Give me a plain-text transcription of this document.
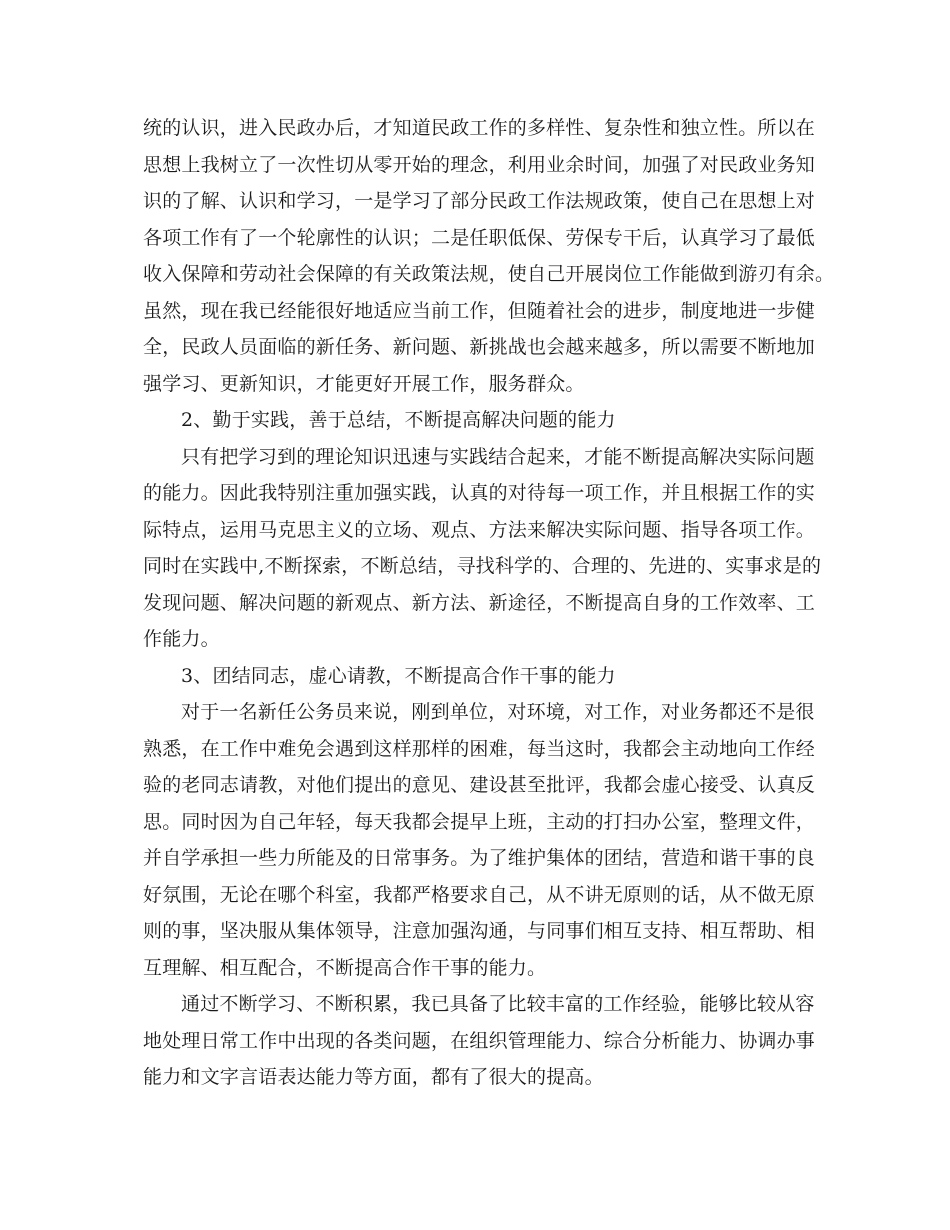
统的认识，进入民政办后，才知道民政工作的多样性、复杂性和独立性。所以在
思想上我树立了一次性切从零开始的理念，利用业余时间，加强了对民政业务知
识的了解、认识和学习，一是学习了部分民政工作法规政策，使自己在思想上对
各项工作有了一个轮廓性的认识；二是任职低保、劳保专干后，认真学习了最低
收入保障和劳动社会保障的有关政策法规，使自己开展岗位工作能做到游刃有余。
虽然，现在我已经能很好地适应当前工作，但随着社会的进步，制度地进一步健
全，民政人员面临的新任务、新问题、新挑战也会越来越多，所以需要不断地加
强学习、更新知识，才能更好开展工作，服务群众。
2、勤于实践，善于总结，不断提高解决问题的能力
只有把学习到的理论知识迅速与实践结合起来，才能不断提高解决实际问题
的能力。因此我特别注重加强实践，认真的对待每一项工作，并且根据工作的实
际特点，运用马克思主义的立场、观点、方法来解决实际问题、指导各项工作。
同时在实践中,不断探索，不断总结，寻找科学的、合理的、先进的、实事求是的
发现问题、解决问题的新观点、新方法、新途径，不断提高自身的工作效率、工
作能力。
3、团结同志，虚心请教，不断提高合作干事的能力
对于一名新任公务员来说，刚到单位，对环境，对工作，对业务都还不是很
熟悉，在工作中难免会遇到这样那样的困难，每当这时，我都会主动地向工作经
验的老同志请教，对他们提出的意见、建设甚至批评，我都会虚心接受、认真反
思。同时因为自己年轻，每天我都会提早上班，主动的打扫办公室，整理文件，
并自学承担一些力所能及的日常事务。为了维护集体的团结，营造和谐干事的良
好氛围，无论在哪个科室，我都严格要求自己，从不讲无原则的话，从不做无原
则的事，坚决服从集体领导，注意加强沟通，与同事们相互支持、相互帮助、相
互理解、相互配合，不断提高合作干事的能力。
通过不断学习、不断积累，我已具备了比较丰富的工作经验，能够比较从容
地处理日常工作中出现的各类问题，在组织管理能力、综合分析能力、协调办事
能力和文字言语表达能力等方面，都有了很大的提高。
